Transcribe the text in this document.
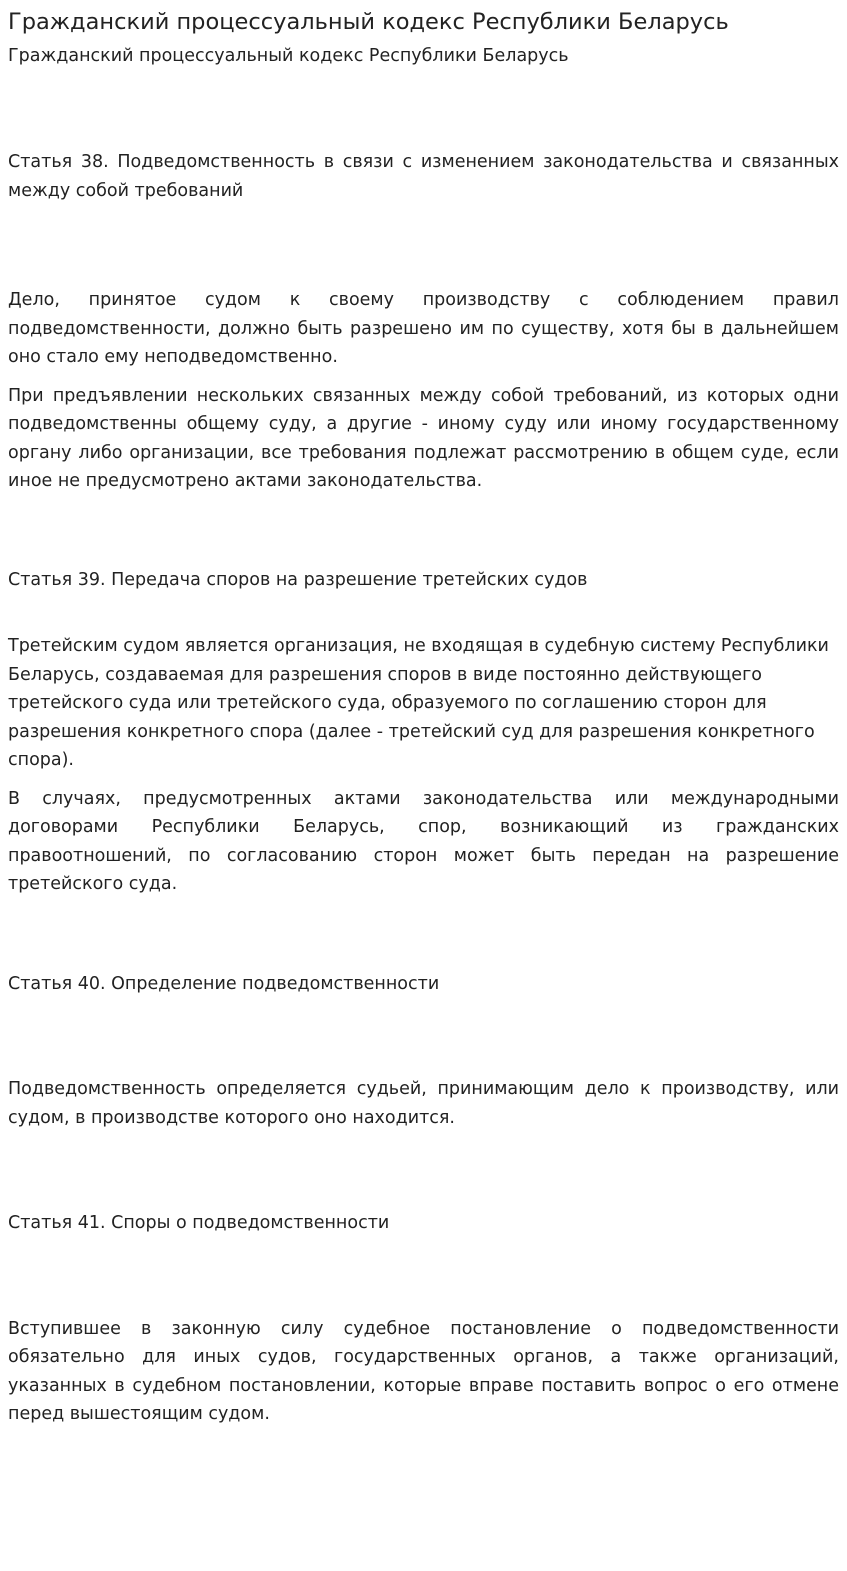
Гражданский процессуальный кодекс Республики Беларусь
Гражданский процессуальный кодекс Республики Беларусь

Статья 38. Подведомственность в связи с изменением законодательства и связанных между собой требований

Дело, принятое судом к своему производству с соблюдением правил подведомственности, должно быть разрешено им по существу, хотя бы в дальнейшем оно стало ему неподведомственно.

При предъявлении нескольких связанных между собой требований, из которых одни подведомственны общему суду, а другие - иному суду или иному государственному органу либо организации, все требования подлежат рассмотрению в общем суде, если иное не предусмотрено актами законодательства.

Статья 39. Передача споров на разрешение третейских судов

Третейским судом является организация, не входящая в судебную систему Республики Беларусь, создаваемая для разрешения споров в виде постоянно действующего третейского суда или третейского суда, образуемого по соглашению сторон для разрешения конкретного спора (далее - третейский суд для разрешения конкретного спора).

В случаях, предусмотренных актами законодательства или международными договорами Республики Беларусь, спор, возникающий из гражданских правоотношений, по согласованию сторон может быть передан на разрешение третейского суда.

Статья 40. Определение подведомственности

Подведомственность определяется судьей, принимающим дело к производству, или судом, в производстве которого оно находится.

Статья 41. Споры о подведомственности

Вступившее в законную силу судебное постановление о подведомственности обязательно для иных судов, государственных органов, а также организаций, указанных в судебном постановлении, которые вправе поставить вопрос о его отмене перед вышестоящим судом.
